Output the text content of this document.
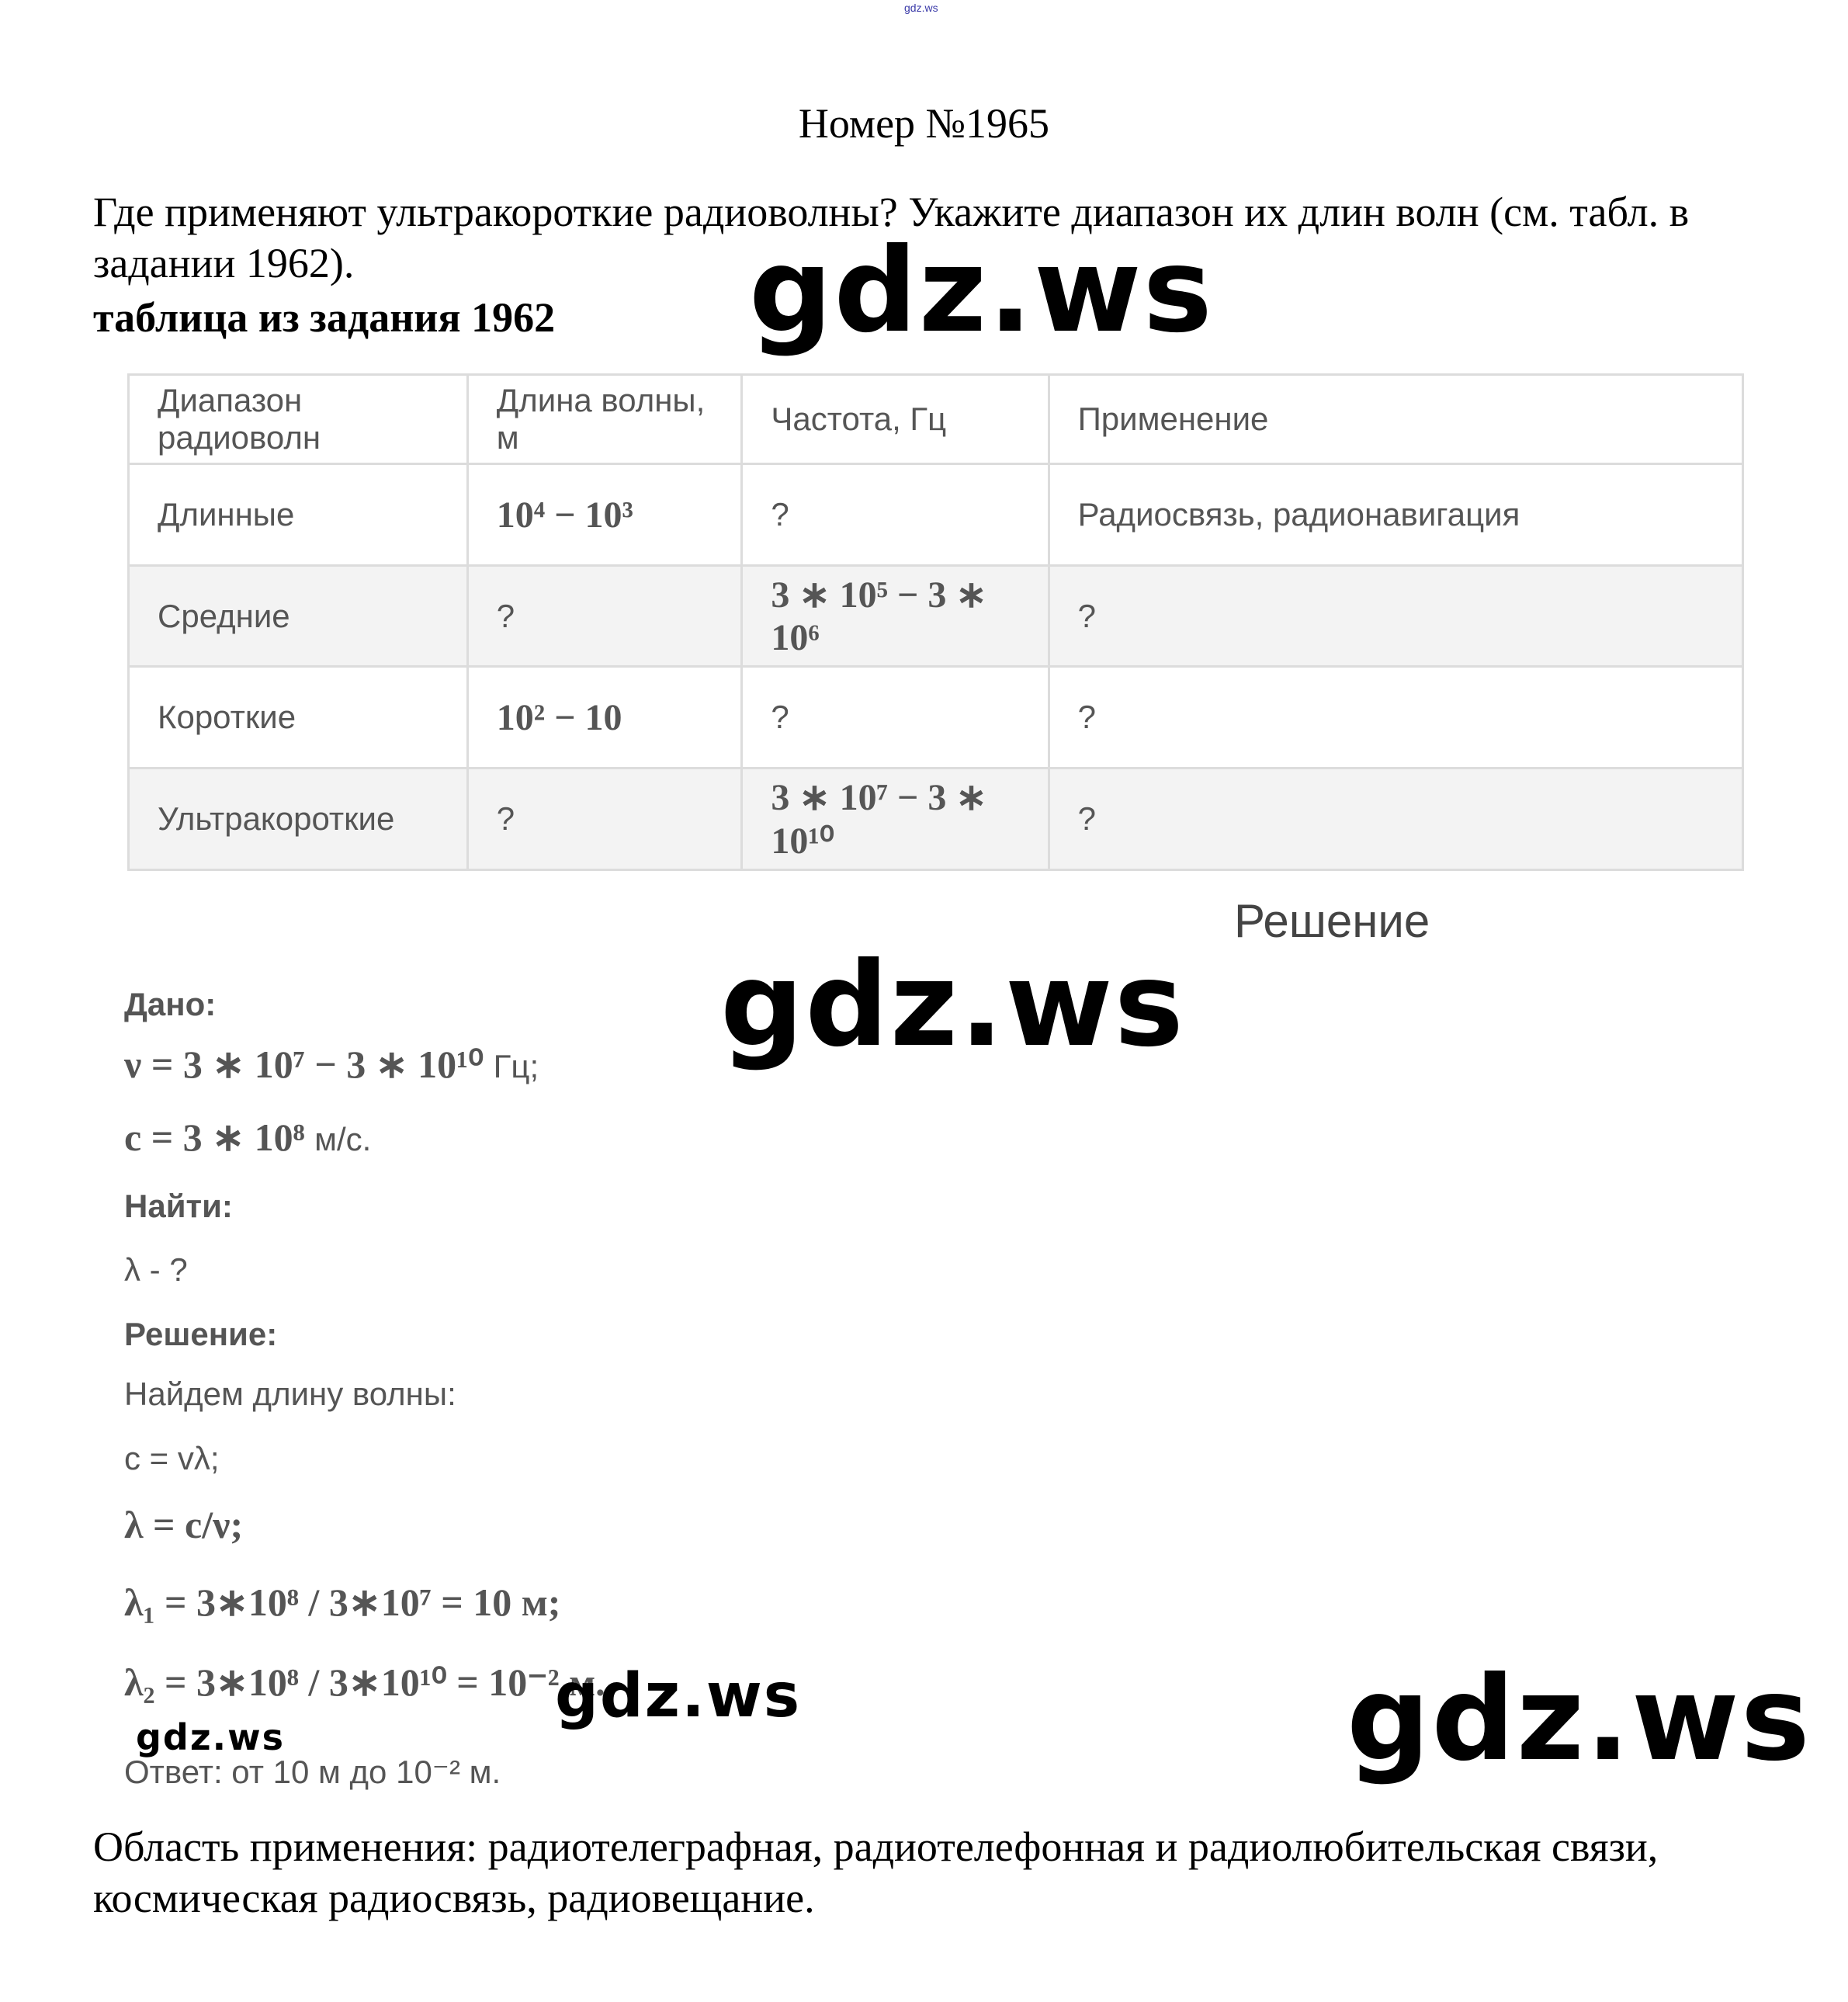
gdz.ws
Номер №1965
Где применяют ультракороткие радиоволны? Укажите диапазон их длин волн (см. табл. в задании 1962).
таблица из задания 1962 gdz.ws
Диапазон радиоволн	Длина волны, м	Частота, Гц	Применение
Длинные	10⁴ − 10³	?	Радиосвязь, радионавигация
Средние	?	3 ∗ 10⁵ − 3 ∗ 10⁶	?
Короткие	10² − 10	?	?
Ультракороткие	?	3 ∗ 10⁷ − 3 ∗ 10¹⁰	?
Решение
gdz.ws
Дано:
ν = 3 ∗ 10⁷ − 3 ∗ 10¹⁰ Гц;
c = 3 ∗ 10⁸ м/с.
Найти:
λ - ?
Решение:
Найдем длину волны:
c = vλ;
λ = c/ν;
λ₁ = 3∗10⁸ / 3∗10⁷ = 10 м;
λ₂ = 3∗10⁸ / 3∗10¹⁰ = 10⁻² м.
gdz.ws
gdz.ws
Ответ: от 10 м до 10⁻² м.	gdz.ws
Область применения: радиотелеграфная, радиотелефонная и радиолюбительская связи, космическая радиосвязь, радиовещание.
